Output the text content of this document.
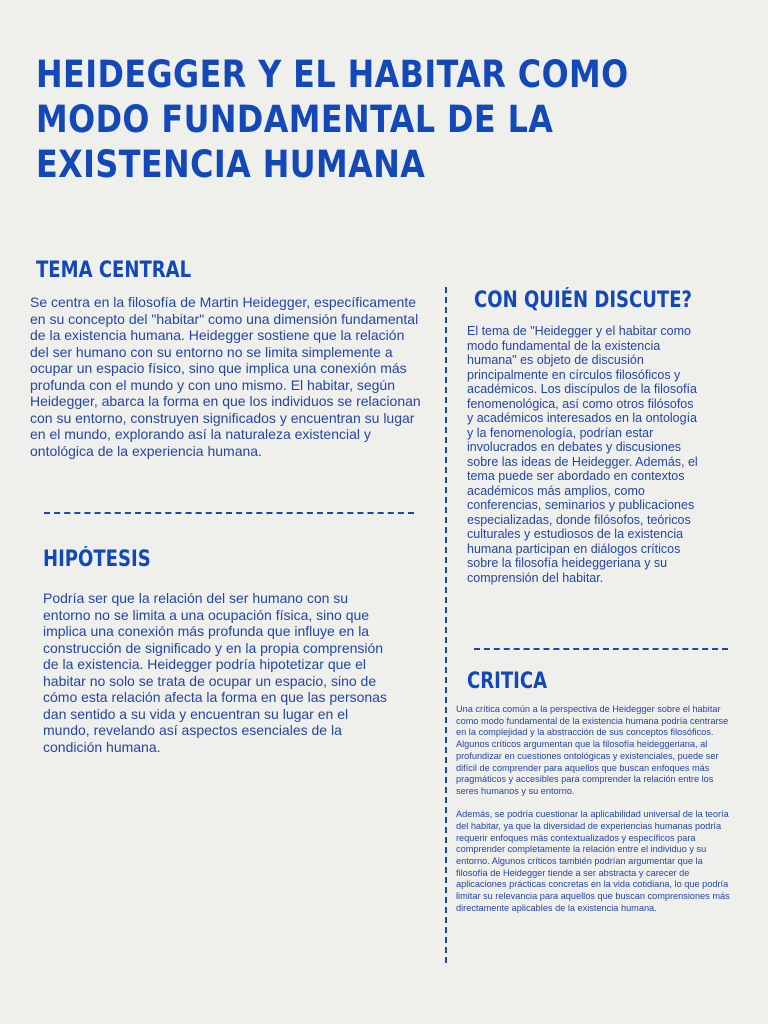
HEIDEGGER Y EL HABITAR COMO MODO FUNDAMENTAL DE LA EXISTENCIA HUMANA
TEMA CENTRAL
Se centra en la filosofía de Martin Heidegger, específicamente en su concepto del "habitar" como una dimensión fundamental de la existencia humana. Heidegger sostiene que la relación del ser humano con su entorno no se limita simplemente a ocupar un espacio físico, sino que implica una conexión más profunda con el mundo y con uno mismo. El habitar, según Heidegger, abarca la forma en que los individuos se relacionan con su entorno, construyen significados y encuentran su lugar en el mundo, explorando así la naturaleza existencial y ontológica de la experiencia humana.
HIPÓTESIS
Podría ser que la relación del ser humano con su entorno no se limita a una ocupación física, sino que implica una conexión más profunda que influye en la construcción de significado y en la propia comprensión de la existencia. Heidegger podría hipotetizar que el habitar no solo se trata de ocupar un espacio, sino de cómo esta relación afecta la forma en que las personas dan sentido a su vida y encuentran su lugar en el mundo, revelando así aspectos esenciales de la condición humana.
CON QUIÉN DISCUTE?
El tema de "Heidegger y el habitar como modo fundamental de la existencia humana" es objeto de discusión principalmente en círculos filosóficos y académicos. Los discípulos de la filosofía fenomenológica, así como otros filósofos y académicos interesados en la ontología y la fenomenología, podrían estar involucrados en debates y discusiones sobre las ideas de Heidegger. Además, el tema puede ser abordado en contextos académicos más amplios, como conferencias, seminarios y publicaciones especializadas, donde filósofos, teóricos culturales y estudiosos de la existencia humana participan en diálogos críticos sobre la filosofía heideggeriana y su comprensión del habitar.
CRITICA

Una crítica común a la perspectiva de Heidegger sobre el habitar como modo fundamental de la existencia humana podría centrarse en la complejidad y la abstracción de sus conceptos filosóficos. Algunos críticos argumentan que la filosofía heideggeriana, al profundizar en cuestiones ontológicas y existenciales, puede ser difícil de comprender para aquellos que buscan enfoques más pragmáticos y accesibles para comprender la relación entre los seres humanos y su entorno.

Además, se podría cuestionar la aplicabilidad universal de la teoría del habitar, ya que la diversidad de experiencias humanas podría requerir enfoques más contextualizados y específicos para comprender completamente la relación entre el individuo y su entorno. Algunos críticos también podrían argumentar que la filosofía de Heidegger tiende a ser abstracta y carecer de aplicaciones prácticas concretas en la vida cotidiana, lo que podría limitar su relevancia para aquellos que buscan comprensiones más directamente aplicables de la existencia humana.
